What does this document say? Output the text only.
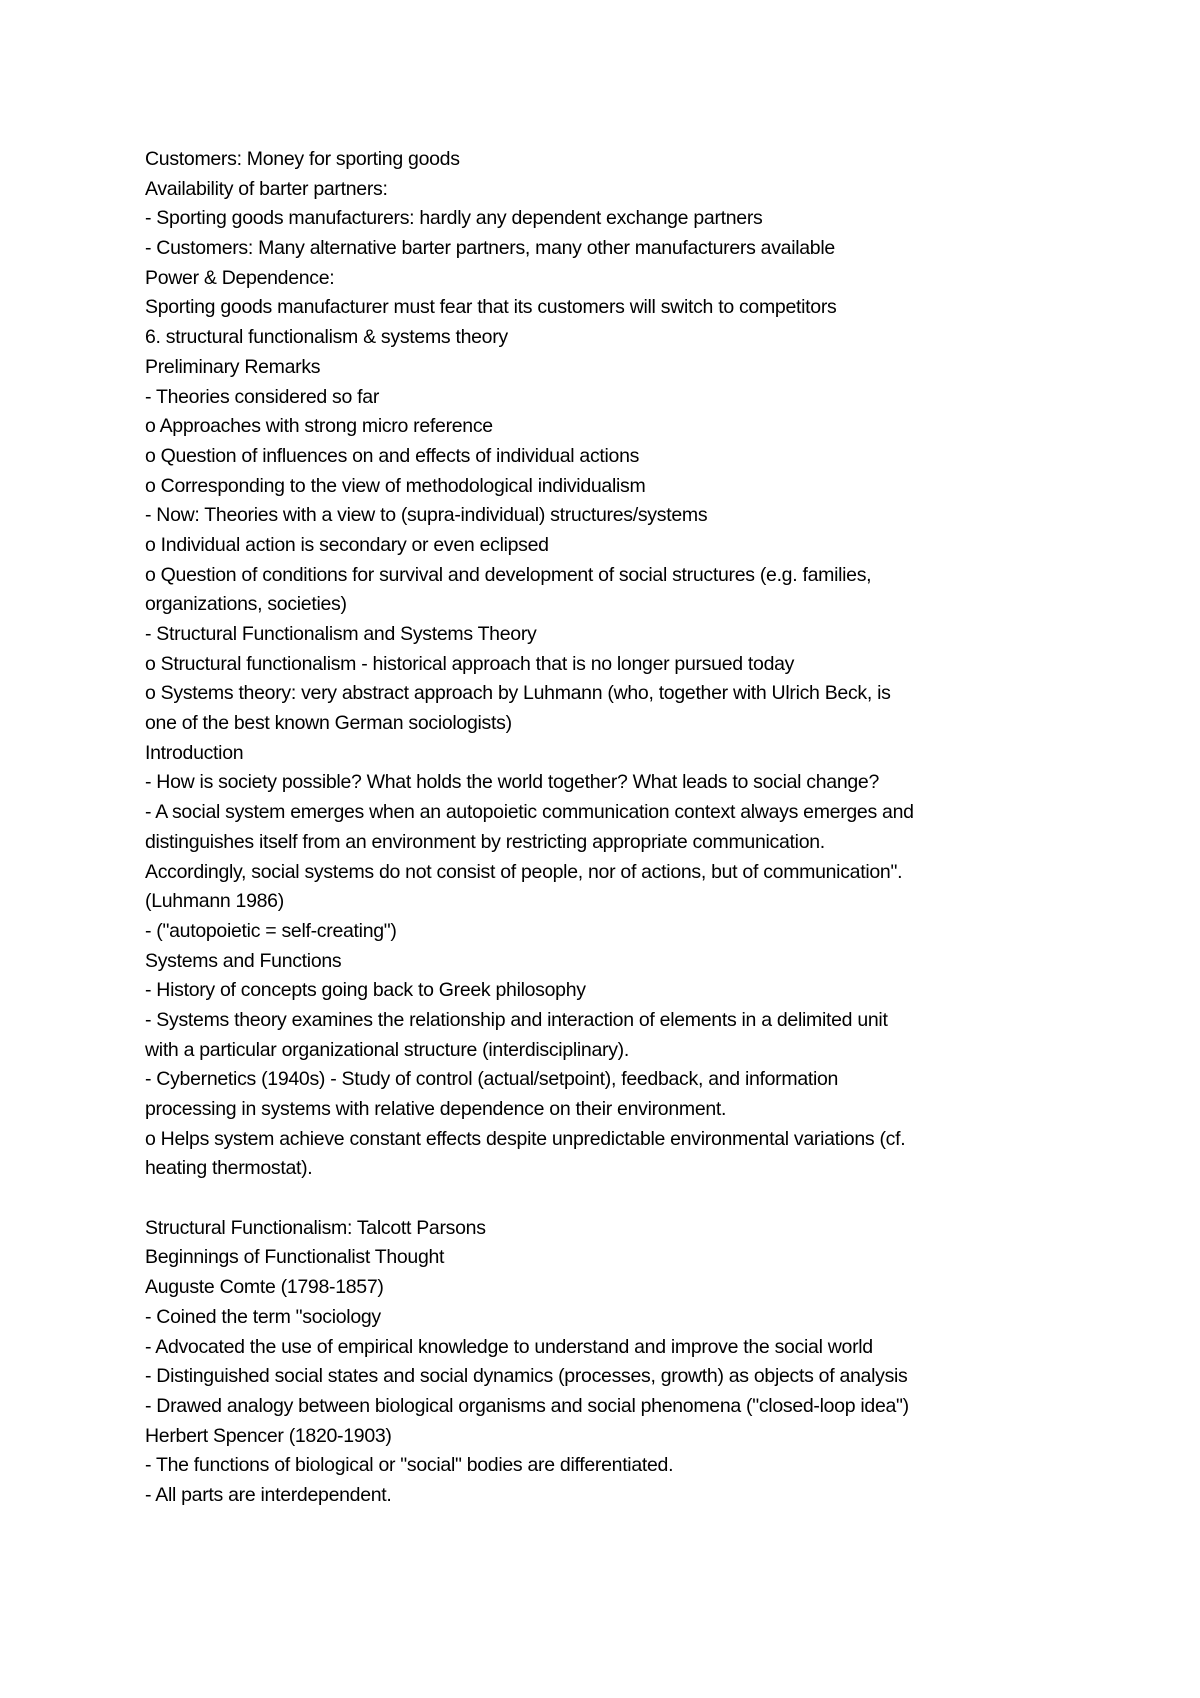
Customers: Money for sporting goods
Availability of barter partners:
- Sporting goods manufacturers: hardly any dependent exchange partners
- Customers: Many alternative barter partners, many other manufacturers available
Power & Dependence:
Sporting goods manufacturer must fear that its customers will switch to competitors
6. structural functionalism & systems theory
Preliminary Remarks
- Theories considered so far
o Approaches with strong micro reference
o Question of influences on and effects of individual actions
o Corresponding to the view of methodological individualism
- Now: Theories with a view to (supra-individual) structures/systems
o Individual action is secondary or even eclipsed
o Question of conditions for survival and development of social structures (e.g. families,
organizations, societies)
- Structural Functionalism and Systems Theory
o Structural functionalism - historical approach that is no longer pursued today
o Systems theory: very abstract approach by Luhmann (who, together with Ulrich Beck, is
one of the best known German sociologists)
Introduction
- How is society possible? What holds the world together? What leads to social change?
- A social system emerges when an autopoietic communication context always emerges and
distinguishes itself from an environment by restricting appropriate communication.
Accordingly, social systems do not consist of people, nor of actions, but of communication".
(Luhmann 1986)
- ("autopoietic = self-creating")
Systems and Functions
- History of concepts going back to Greek philosophy
- Systems theory examines the relationship and interaction of elements in a delimited unit
with a particular organizational structure (interdisciplinary).
- Cybernetics (1940s) - Study of control (actual/setpoint), feedback, and information
processing in systems with relative dependence on their environment.
o Helps system achieve constant effects despite unpredictable environmental variations (cf.
heating thermostat).
Structural Functionalism: Talcott Parsons
Beginnings of Functionalist Thought
Auguste Comte (1798-1857)
- Coined the term "sociology
- Advocated the use of empirical knowledge to understand and improve the social world
- Distinguished social states and social dynamics (processes, growth) as objects of analysis
- Drawed analogy between biological organisms and social phenomena ("closed-loop idea")
Herbert Spencer (1820-1903)
- The functions of biological or "social" bodies are differentiated.
- All parts are interdependent.
